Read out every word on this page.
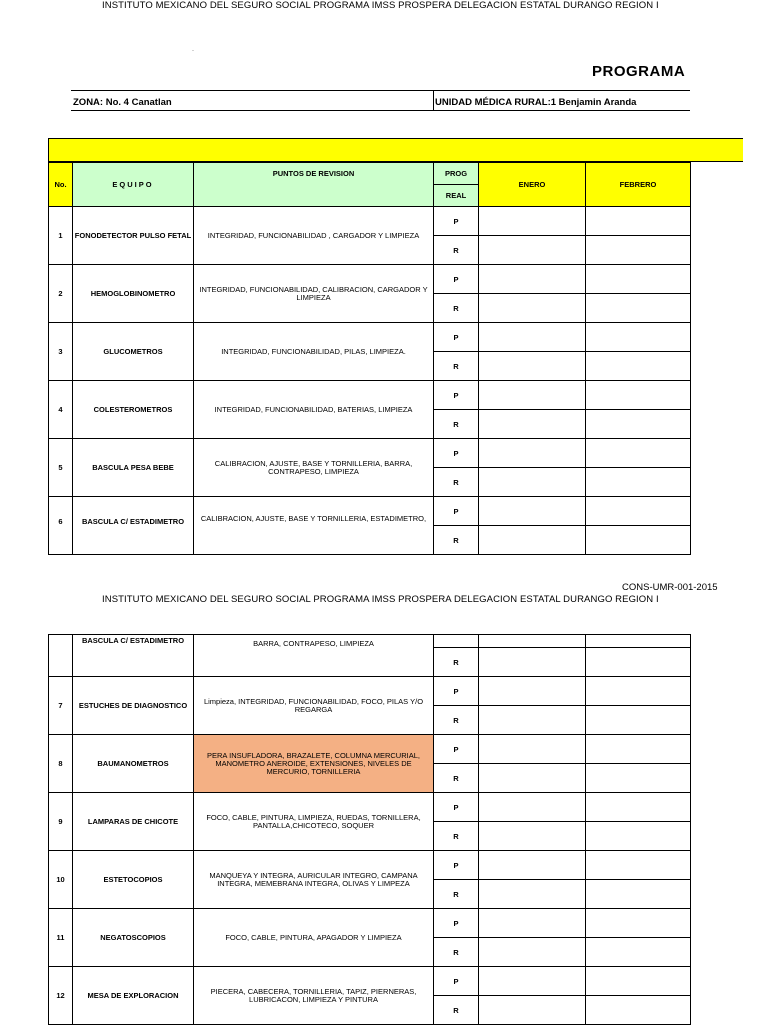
INSTITUTO MEXICANO DEL SEGURO SOCIAL PROGRAMA IMSS PROSPERA DELEGACION ESTATAL DURANGO REGION I
·
PROGRAMA
ZONA: No. 4 Canatlan	UNIDAD MÉDICA RURAL:1 Benjamin Aranda
No.	EQUIPO	PUNTOS DE REVISION	PROG	ENERO	FEBRERO
			REAL		
1	FONODETECTOR PULSO FETAL	INTEGRIDAD, FUNCIONABILIDAD , CARGADOR Y LIMPIEZA	P		
			R		
2	HEMOGLOBINOMETRO	INTEGRIDAD, FUNCIONABILIDAD, CALIBRACION, CARGADOR Y LIMPIEZA	P		
			R		
3	GLUCOMETROS	INTEGRIDAD, FUNCIONABILIDAD, PILAS, LIMPIEZA.	P		
			R		
4	COLESTEROMETROS	INTEGRIDAD, FUNCIONABILIDAD, BATERIAS, LIMPIEZA	P		
			R		
5	BASCULA PESA BEBE	CALIBRACION, AJUSTE, BASE Y TORNILLERIA, BARRA, CONTRAPESO, LIMPIEZA	P		
			R		
6	BASCULA C/ ESTADIMETRO	CALIBRACION, AJUSTE, BASE Y TORNILLERIA, ESTADIMETRO,	P		
			R		
CONS-UMR-001-2015
INSTITUTO MEXICANO DEL SEGURO SOCIAL PROGRAMA IMSS PROSPERA DELEGACION ESTATAL DURANGO REGION I
	BASCULA C/ ESTADIMETRO	BARRA, CONTRAPESO, LIMPIEZA			
			R		
7	ESTUCHES DE DIAGNOSTICO	Limpieza, INTEGRIDAD, FUNCIONABILIDAD, FOCO, PILAS Y/O REGARGA	P		
			R		
8	BAUMANOMETROS	PERA INSUFLADORA, BRAZALETE, COLUMNA MERCURIAL, MANOMETRO ANEROIDE, EXTENSIONES, NIVELES DE MERCURIO, TORNILLERIA	P		
			R		
9	LAMPARAS DE CHICOTE	FOCO, CABLE, PINTURA, LIMPIEZA, RUEDAS, TORNILLERA, PANTALLA,CHICOTECO, SOQUER	P		
			R		
10	ESTETOCOPIOS	MANQUEYA Y INTEGRA, AURICULAR INTEGRO, CAMPANA INTEGRA, MEMEBRANA INTEGRA, OLIVAS Y LIMPEZA	P		
			R		
11	NEGATOSCOPIOS	FOCO, CABLE, PINTURA, APAGADOR Y LIMPIEZA	P		
			R		
12	MESA DE EXPLORACION	PIECERA, CABECERA, TORNILLERIA, TAPIZ, PIERNERAS, LUBRICACON, LIMPIEZA Y PINTURA	P		
			R		
